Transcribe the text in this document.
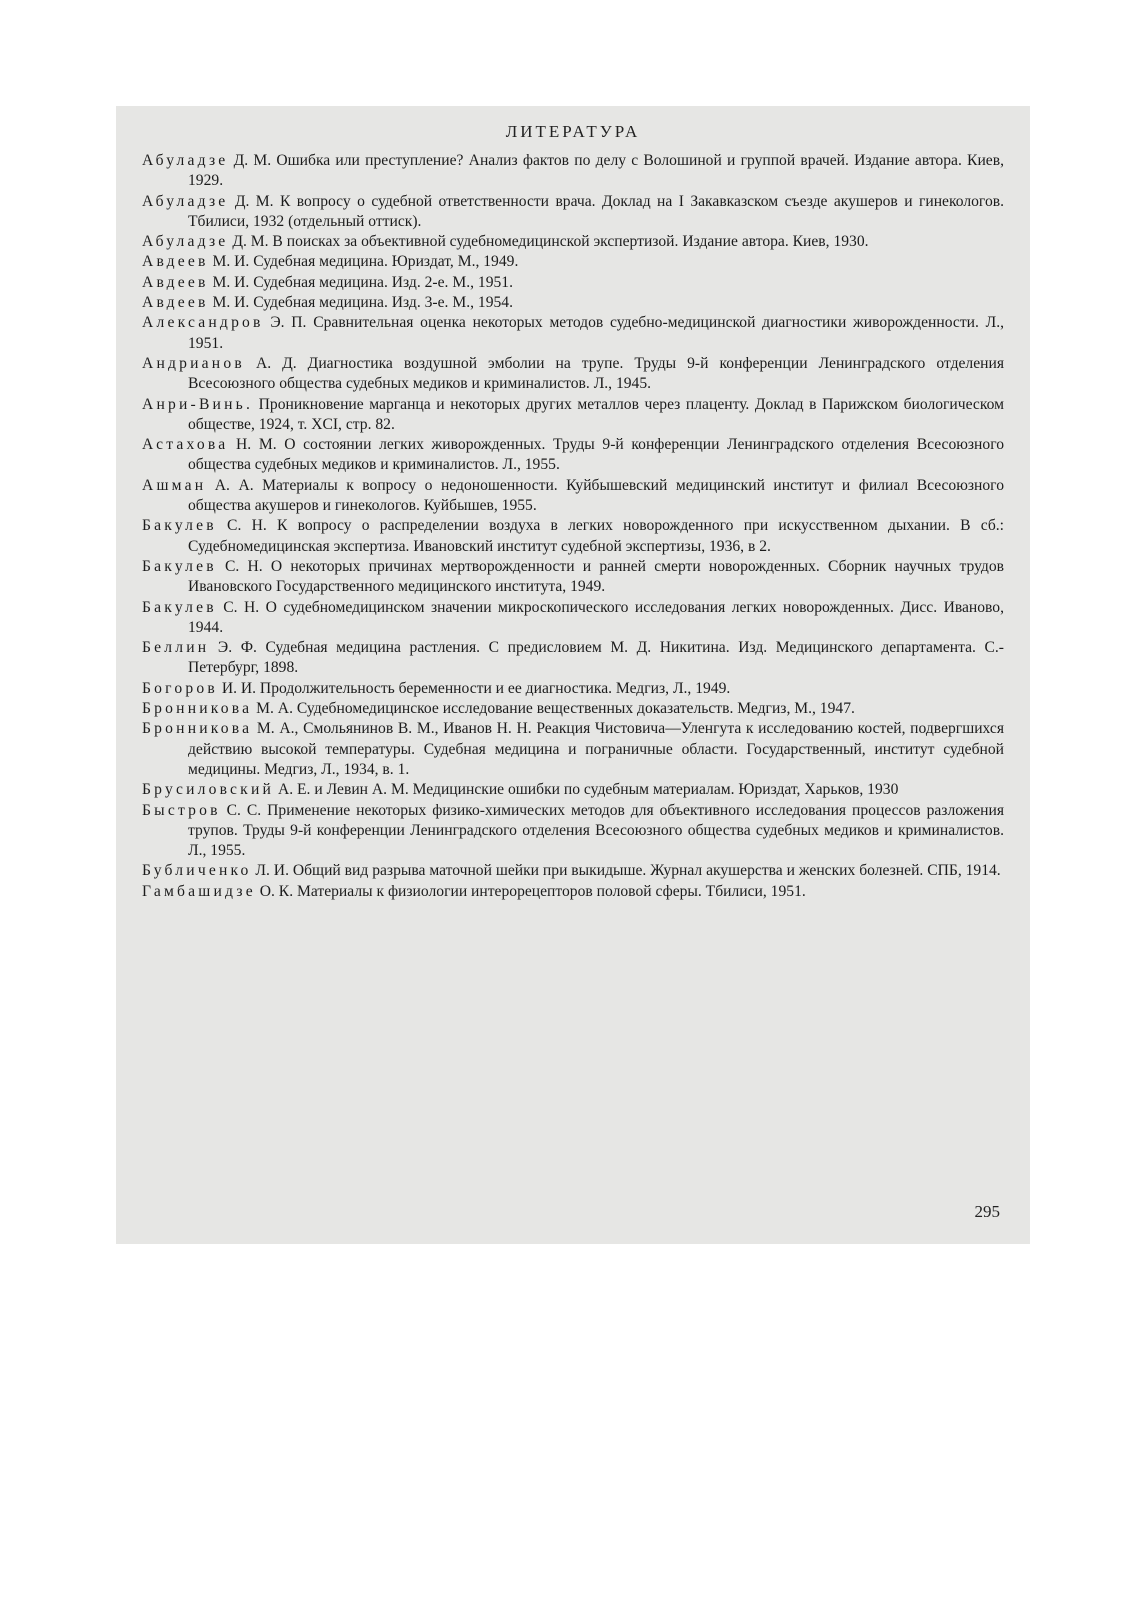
ЛИТЕРАТУРА
Абуладзе Д. М. Ошибка или преступление? Анализ фактов по делу с Волошиной и группой врачей. Издание автора. Киев, 1929.
Абуладзе Д. М. К вопросу о судебной ответственности врача. Доклад на I Закавказском съезде акушеров и гинекологов. Тбилиси, 1932 (отдельный оттиск).
Абуладзе Д. М. В поисках за объективной судебномедицинской экспертизой. Издание автора. Киев, 1930.
Авдеев М. И. Судебная медицина. Юриздат, М., 1949.
Авдеев М. И. Судебная медицина. Изд. 2-е. М., 1951.
Авдеев М. И. Судебная медицина. Изд. 3-е. М., 1954.
Александров Э. П. Сравнительная оценка некоторых методов судебно-медицинской диагностики живорожденности. Л., 1951.
Андрианов А. Д. Диагностика воздушной эмболии на трупе. Труды 9-й конференции Ленинградского отделения Всесоюзного общества судебных медиков и криминалистов. Л., 1945.
Анри-Винь. Проникновение марганца и некоторых других металлов через плаценту. Доклад в Парижском биологическом обществе, 1924, т. XCI, стр. 82.
Астахова Н. М. О состоянии легких живорожденных. Труды 9-й конференции Ленинградского отделения Всесоюзного общества судебных медиков и криминалистов. Л., 1955.
Ашман А. А. Материалы к вопросу о недоношенности. Куйбышевский медицинский институт и филиал Всесоюзного общества акушеров и гинекологов. Куйбышев, 1955.
Бакулев С. Н. К вопросу о распределении воздуха в легких новорожденного при искусственном дыхании. В сб.: Судебномедицинская экспертиза. Ивановский институт судебной экспертизы, 1936, в 2.
Бакулев С. Н. О некоторых причинах мертворожденности и ранней смерти новорожденных. Сборник научных трудов Ивановского Государственного медицинского института, 1949.
Бакулев С. Н. О судебномедицинском значении микроскопического исследования легких новорожденных. Дисс. Иваново, 1944.
Беллин Э. Ф. Судебная медицина растления. С предисловием М. Д. Никитина. Изд. Медицинского департамента. С.-Петербург, 1898.
Богоров И. И. Продолжительность беременности и ее диагностика. Медгиз, Л., 1949.
Бронникова М. А. Судебномедицинское исследование вещественных доказательств. Медгиз, М., 1947.
Бронникова М. А., Смольянинов В. М., Иванов Н. Н. Реакция Чистовича—Уленгута к исследованию костей, подвергшихся действию высокой температуры. Судебная медицина и пограничные области. Государственный, институт судебной медицины. Медгиз, Л., 1934, в. 1.
Брусиловский А. Е. и Левин А. М. Медицинские ошибки по судебным материалам. Юриздат, Харьков, 1930
Быстров С. С. Применение некоторых физико-химических методов для объективного исследования процессов разложения трупов. Труды 9-й конференции Ленинградского отделения Всесоюзного общества судебных медиков и криминалистов. Л., 1955.
Бубличенко Л. И. Общий вид разрыва маточной шейки при выкидыше. Журнал акушерства и женских болезней. СПБ, 1914.
Гамбашидзе О. К. Материалы к физиологии интерорецепторов половой сферы. Тбилиси, 1951.
295
